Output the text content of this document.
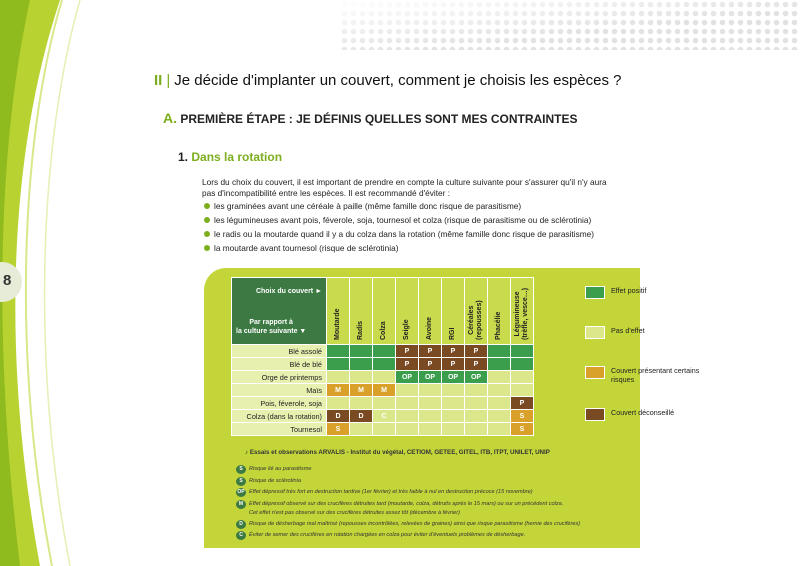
8
II | Je décide d'implanter un couvert, comment je choisis les espèces ?
A. PREMIÈRE ÉTAPE : JE DÉFINIS QUELLES SONT MES CONTRAINTES
1. Dans la rotation

Lors du choix du couvert, il est important de prendre en compte la culture suivante pour s'assurer qu'il n'y aura pas d'incompatibilité entre les espèces. Il est recommandé d'éviter :

les graminées avant une céréale à paille (même famille donc risque de parasitisme)
les légumineuses avant pois, féverole, soja, tournesol et colza (risque de parasitisme ou de sclérotinia)
le radis ou la moutarde quand il y a du colza dans la rotation (même famille donc risque de parasitisme)
la moutarde avant tournesol (risque de sclérotinia)
Choix du couvert ►
Par rapport à
la culture suivante ▼	Moutarde	Radis	Colza	Seigle	Avoine	RGI	Céréales
(repousses)	Phacélie	Légumineuse
(trèfle, vesce…)

Blé assolé				P	P	P	P		
Blé de blé				P	P	P	P		
Orge de printemps				OP	OP	OP	OP		
Maïs	M	M	M						
Pois, féverole, soja									P
Colza (dans la rotation)	D	D	C						S
Tournesol	S								S
Effet positif
Pas d'effet
Couvert présentant certains risques
Couvert déconseillé
♪ Essais et observations ARVALIS - Institut du végétal, CETIOM, GETEE, GITEL, ITB, ITPT, UNILET, UNIP
S	Risque lié au parasitisme
S	Risque de sclérotinia
OP Effet dépressif très fort en destruction tardive (1er février) et très faible à nul en destruction précoce (15 novembre)
M	Effet dépressif observé sur des crucifères détruites tard (moutarde, colza, détruits après le 15 mars) ou sur un précédent colza.
Cet effet n'est pas observé sur des crucifères détruites assez tôt (décembre à février)
D	Risque de désherbage mal maîtrisé (repousses incontrôlées, relevées de graines) ainsi que risque parasitisme (hernie des crucifères)
C	Éviter de semer des crucifères en rotation chargées en colza pour éviter d'éventuels problèmes de désherbage.
